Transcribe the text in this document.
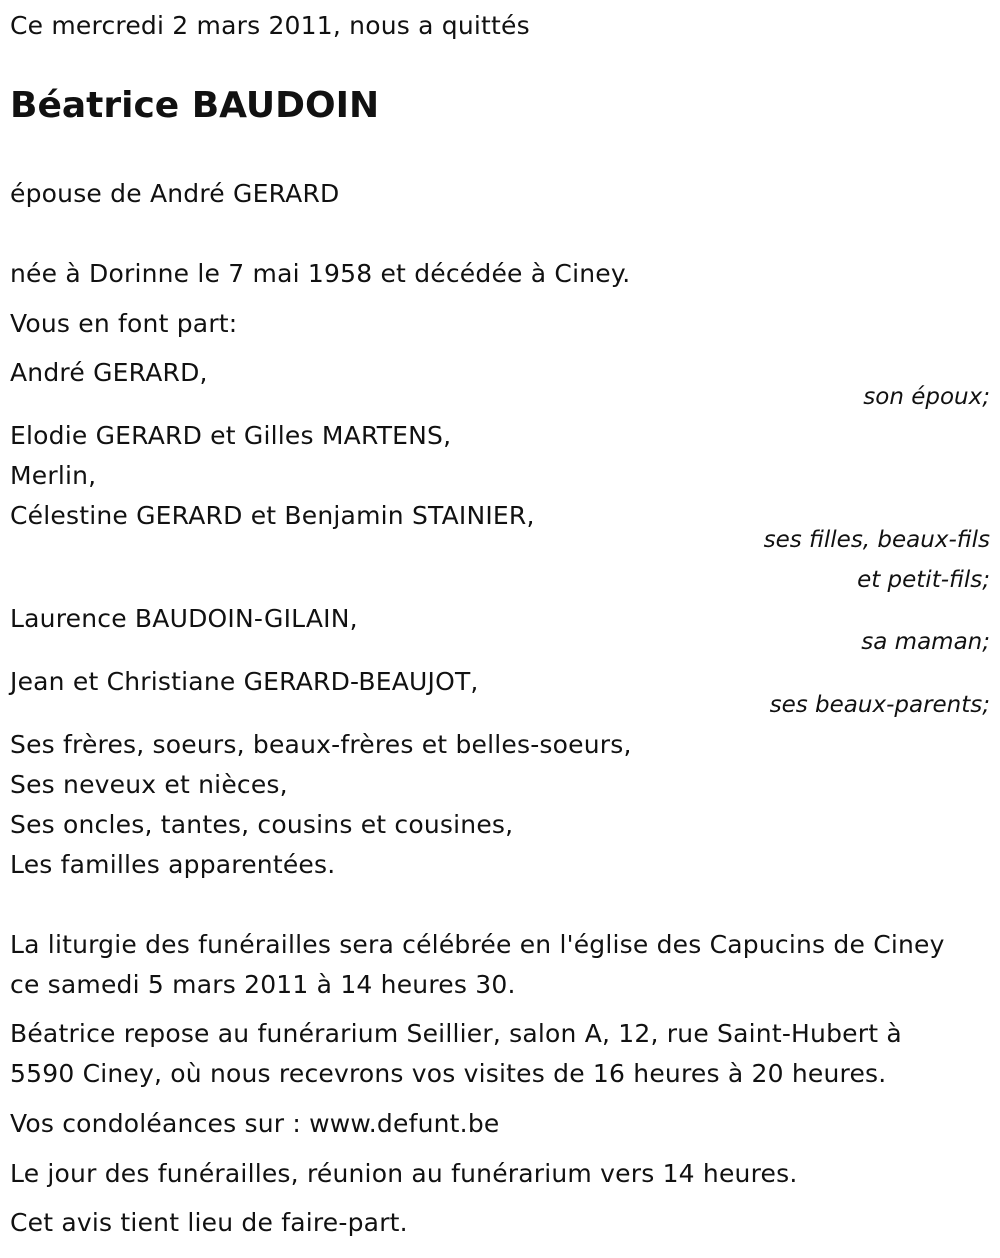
Ce mercredi 2 mars 2011, nous a quittés
Béatrice BAUDOIN
épouse de André GERARD
née à Dorinne le 7 mai 1958 et décédée à Ciney.
Vous en font part:
André GERARD,
son époux;
Elodie GERARD et Gilles MARTENS,
Merlin,
Célestine GERARD et Benjamin STAINIER,
ses filles, beaux-fils
et petit-fils;
Laurence BAUDOIN-GILAIN,
sa maman;
Jean et Christiane GERARD-BEAUJOT,
ses beaux-parents;
Ses frères, soeurs, beaux-frères et belles-soeurs,
Ses neveux et nièces,
Ses oncles, tantes, cousins et cousines,
Les familles apparentées.
La liturgie des funérailles sera célébrée en l'église des Capucins de Ciney
ce samedi 5 mars 2011 à 14 heures 30.
Béatrice repose au funérarium Seillier, salon A, 12, rue Saint-Hubert à
5590 Ciney, où nous recevrons vos visites de 16 heures à 20 heures.
Vos condoléances sur : www.defunt.be
Le jour des funérailles, réunion au funérarium vers 14 heures.
Cet avis tient lieu de faire-part.
